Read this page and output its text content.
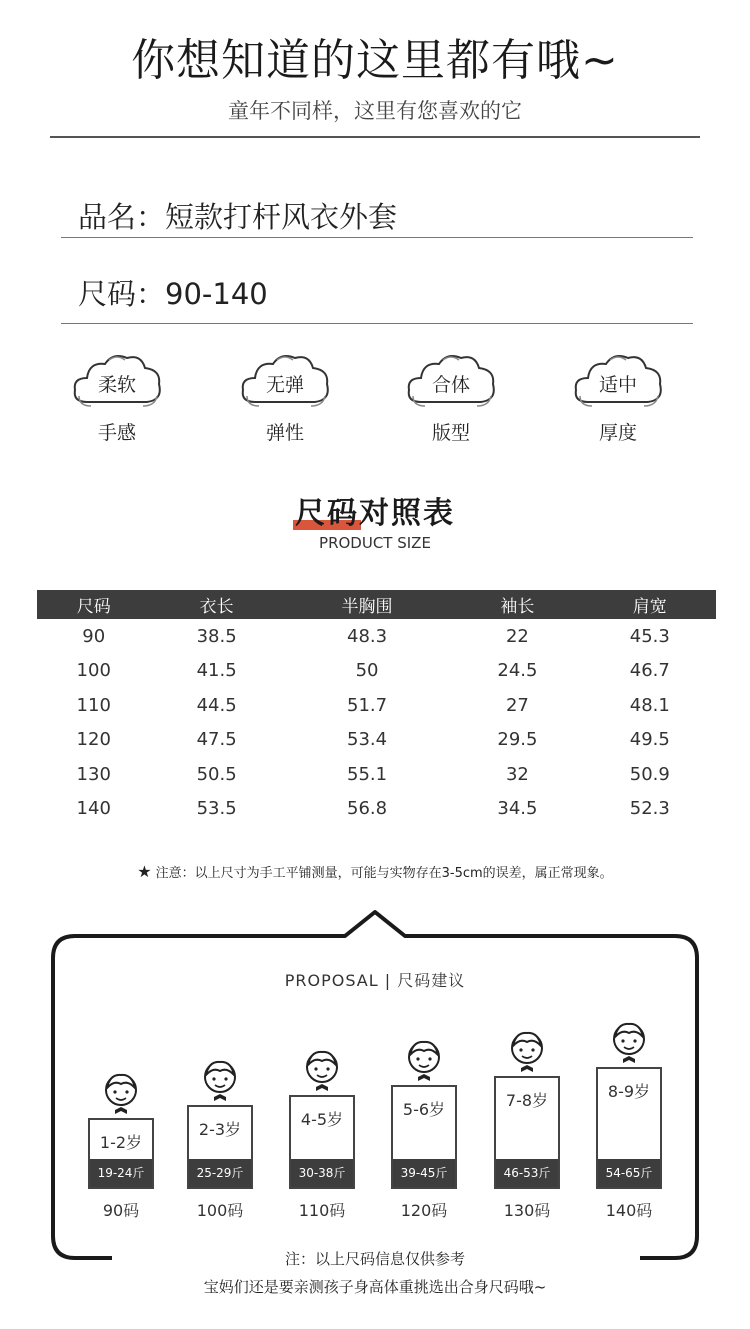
你想知道的这里都有哦~
童年不同样，这里有您喜欢的它
品名：短款打杆风衣外套
尺码：90-140
柔软
手感
无弹
弹性
合体
版型
适中
厚度
尺码对照表
PRODUCT SIZE
尺码	衣长	半胸围	袖长	肩宽
90	38.5	48.3	22	45.3
100	41.5	50	24.5	46.7
110	44.5	51.7	27	48.1
120	47.5	53.4	29.5	49.5
130	50.5	55.1	32	50.9
140	53.5	56.8	34.5	52.3
★ 注意：以上尺寸为手工平铺测量，可能与实物存在3-5cm的误差，属正常现象。
PROPOSAL | 尺码建议
1-2岁
19-24斤
90码
2-3岁
25-29斤
100码
4-5岁
30-38斤
110码
5-6岁
39-45斤
120码
7-8岁
46-53斤
130码
8-9岁
54-65斤
140码
注：以上尺码信息仅供参考
宝妈们还是要亲测孩子身高体重挑选出合身尺码哦~
